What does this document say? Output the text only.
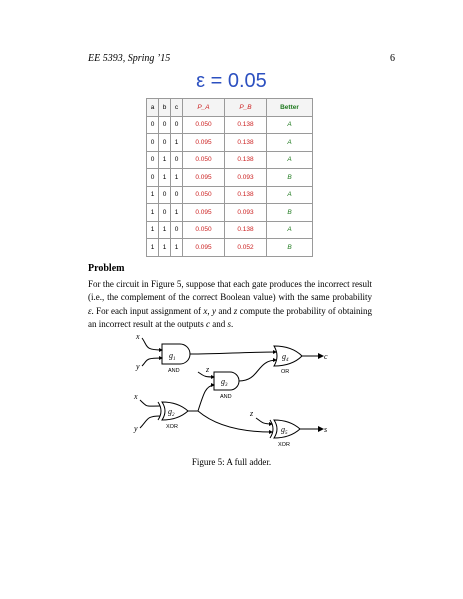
EE 5393, Spring ’15	6
ε = 0.05
a	b	c	P_A	P_B	Better
0	0	0	0.050	0.138	A
0	0	1	0.095	0.138	A
0	1	0	0.050	0.138	A
0	1	1	0.095	0.093	B
1	0	0	0.050	0.138	A
1	0	1	0.095	0.093	B
1	1	0	0.050	0.138	A
1	1	1	0.095	0.052	B
Problem
For the circuit in Figure 5, suppose that each gate produces the incorrect result (i.e., the complement of the correct Boolean value) with the same probability ε. For each input assignment of x, y and z compute the probability of obtaining an incorrect result at the outputs c and s.
x
y
$g_1$
AND	z
$g_3$
AND
$g_4$
OR
c
x
y
$g_2$
XOR
z
$g_5$
XOR
s
Figure 5: A full adder.
